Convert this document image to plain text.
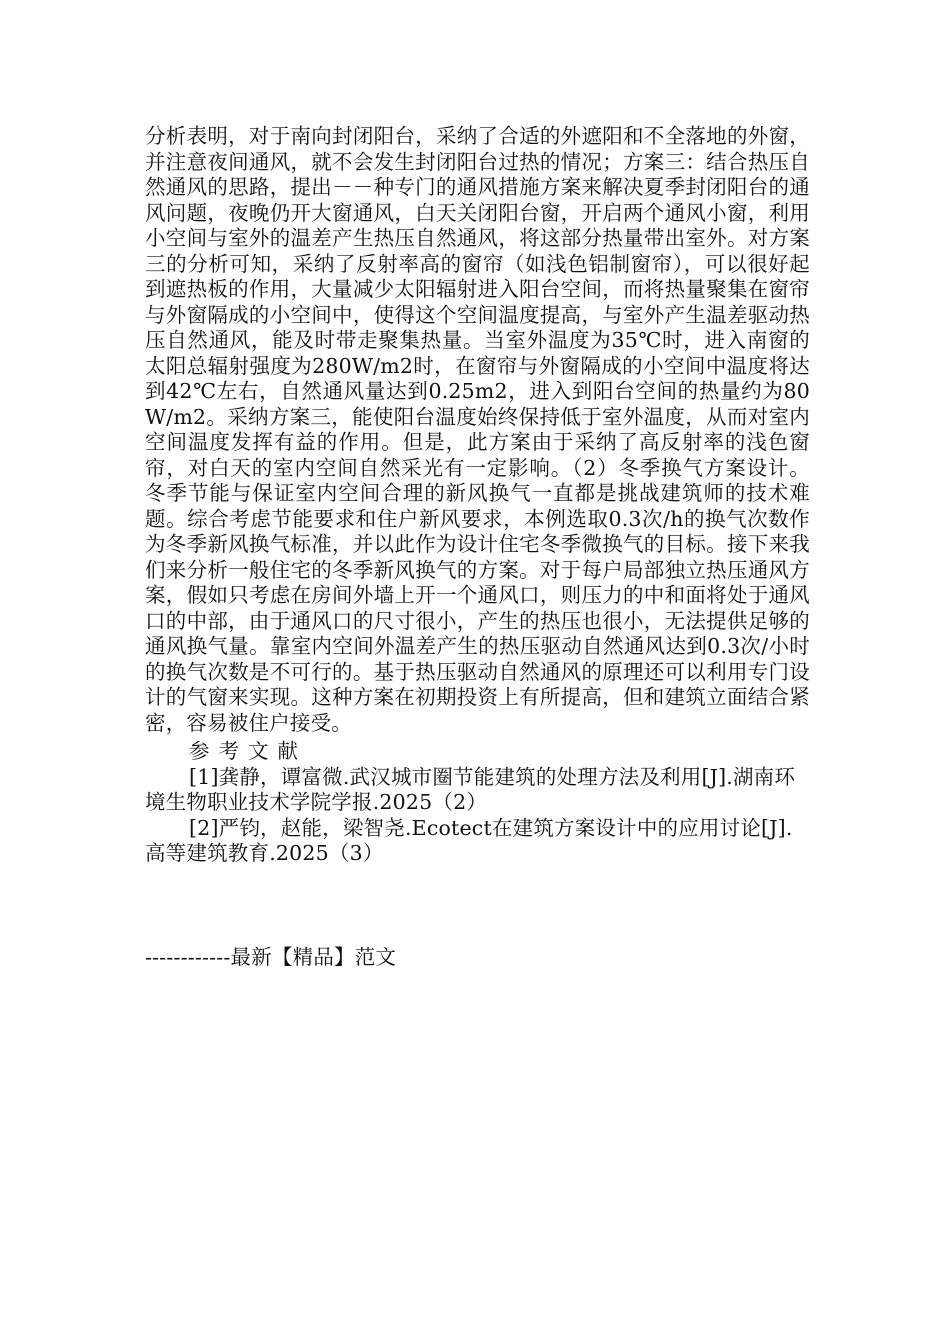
分析表明，对于南向封闭阳台，采纳了合适的外遮阳和不全落地的外窗，并注意夜间通风，就不会发生封闭阳台过热的情况；方案三：结合热压自然通风的思路，提出－－种专门的通风措施方案来解决夏季封闭阳台的通风问题，夜晚仍开大窗通风，白天关闭阳台窗，开启两个通风小窗，利用小空间与室外的温差产生热压自然通风，将这部分热量带出室外。对方案三的分析可知，采纳了反射率高的窗帘（如浅色铝制窗帘），可以很好起到遮热板的作用，大量减少太阳辐射进入阳台空间，而将热量聚集在窗帘与外窗隔成的小空间中，使得这个空间温度提高，与室外产生温差驱动热压自然通风，能及时带走聚集热量。当室外温度为35℃时，进入南窗的太阳总辐射强度为280W/m2时，在窗帘与外窗隔成的小空间中温度将达到42℃左右，自然通风量达到0.25m2，进入到阳台空间的热量约为80W/m2。采纳方案三，能使阳台温度始终保持低于室外温度，从而对室内空间温度发挥有益的作用。但是，此方案由于采纳了高反射率的浅色窗帘，对白天的室内空间自然采光有一定影响。（2）冬季换气方案设计。冬季节能与保证室内空间合理的新风换气一直都是挑战建筑师的技术难题。综合考虑节能要求和住户新风要求，本例选取0.3次/h的换气次数作为冬季新风换气标准，并以此作为设计住宅冬季微换气的目标。接下来我们来分析一般住宅的冬季新风换气的方案。对于每户局部独立热压通风方案，假如只考虑在房间外墙上开一个通风口，则压力的中和面将处于通风口的中部，由于通风口的尺寸很小，产生的热压也很小，无法提供足够的通风换气量。靠室内空间外温差产生的热压驱动自然通风达到0.3次/小时的换气次数是不可行的。基于热压驱动自然通风的原理还可以利用专门设计的气窗来实现。这种方案在初期投资上有所提高，但和建筑立面结合紧密，容易被住户接受。

参考文献

[1]龚静，谭富微.武汉城市圈节能建筑的处理方法及利用[J].湖南环境生物职业技术学院学报.2025（2）

[2]严钧，赵能，梁智尧.Ecotect在建筑方案设计中的应用讨论[J].高等建筑教育.2025（3）

------------最新【精品】范文
